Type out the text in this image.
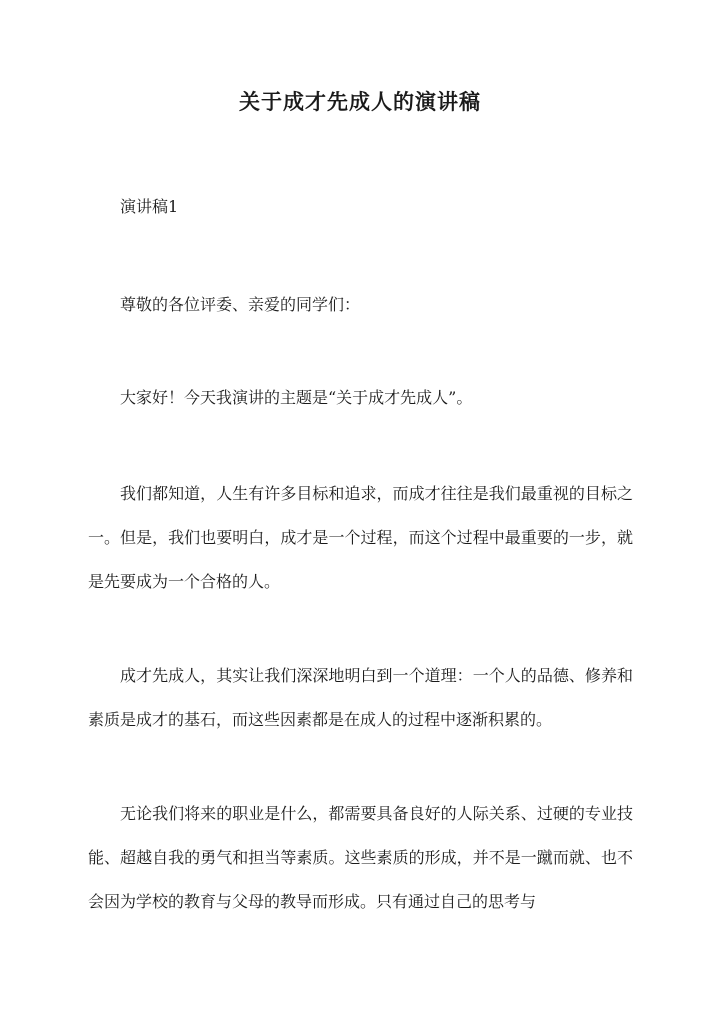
关于成才先成人的演讲稿

演讲稿1

尊敬的各位评委、亲爱的同学们：

大家好！今天我演讲的主题是“关于成才先成人”。

我们都知道，人生有许多目标和追求，而成才往往是我们最重视的目标之一。但是，我们也要明白，成才是一个过程，而这个过程中最重要的一步，就是先要成为一个合格的人。

成才先成人，其实让我们深深地明白到一个道理：一个人的品德、修养和素质是成才的基石，而这些因素都是在成人的过程中逐渐积累的。

无论我们将来的职业是什么，都需要具备良好的人际关系、过硬的专业技能、超越自我的勇气和担当等素质。这些素质的形成，并不是一蹴而就、也不会因为学校的教育与父母的教导而形成。只有通过自己的思考与
